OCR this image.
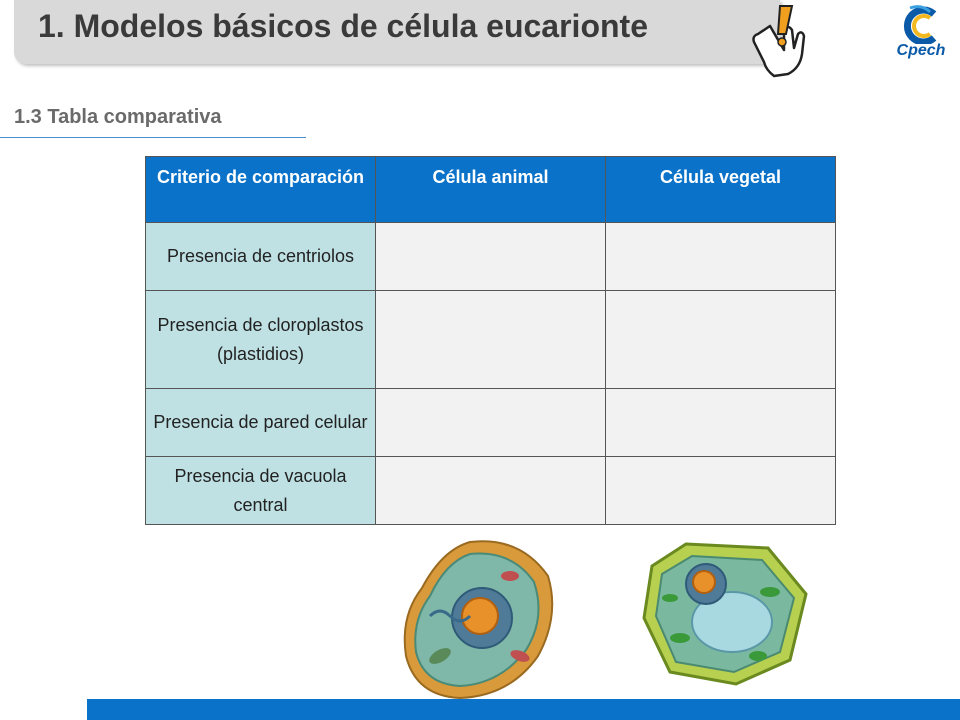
1. Modelos básicos de célula eucarionte
Cpech
1.3 Tabla comparativa
Criterio de comparación	Célula animal	Célula vegetal
Presencia de centriolos		
Presencia de cloroplastos (plastidios)		
Presencia de pared celular		
Presencia de vacuola central		
